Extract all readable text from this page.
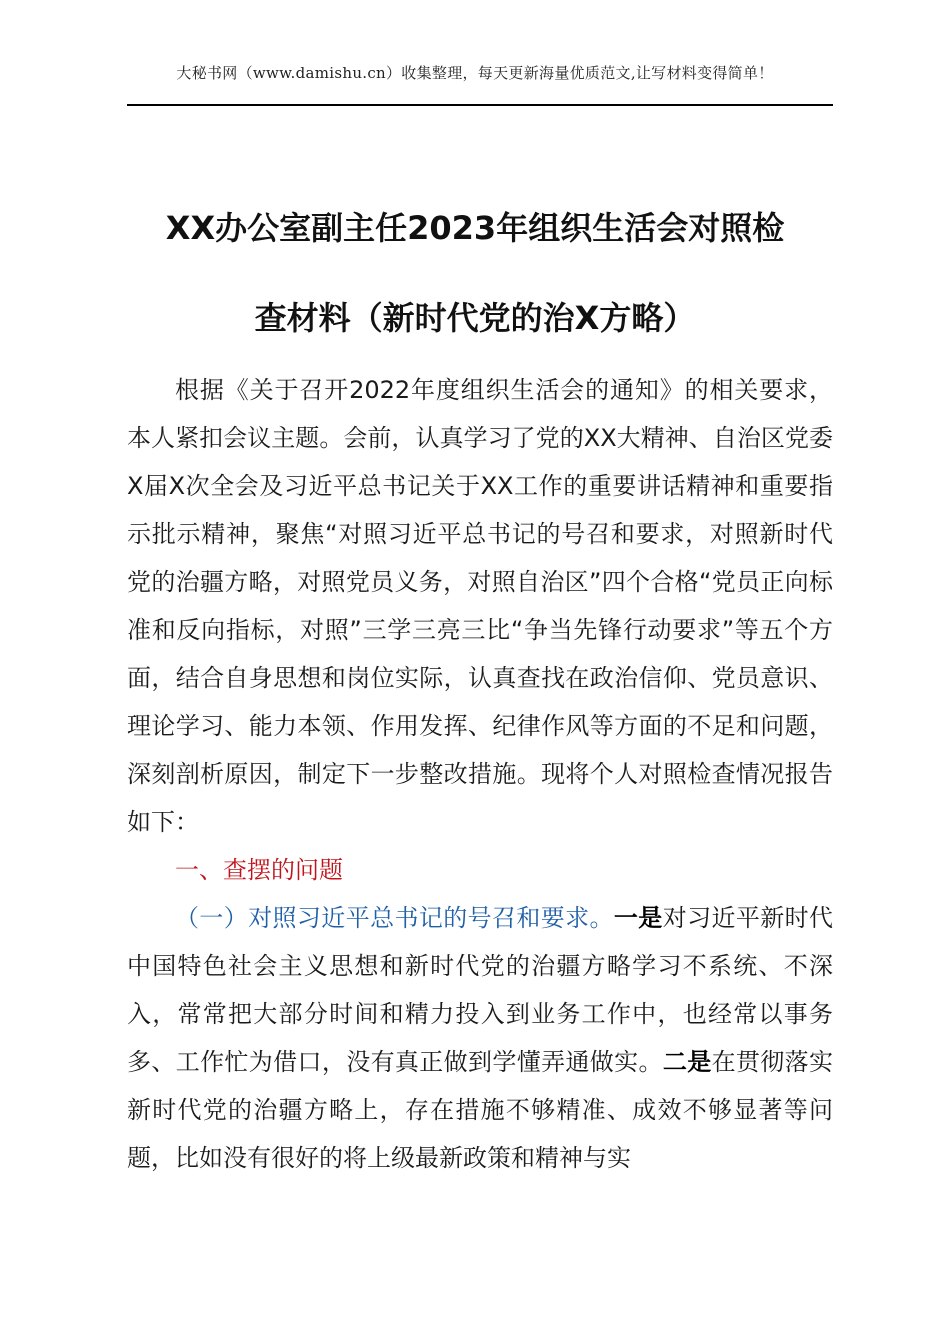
大秘书网（www.damishu.cn）收集整理，每天更新海量优质范文,让写材料变得简单！
XX办公室副主任2023年组织生活会对照检
查材料（新时代党的治X方略）

根据《关于召开2022年度组织生活会的通知》的相关要求，本人紧扣会议主题。会前，认真学习了党的XX大精神、自治区党委X届X次全会及习近平总书记关于XX工作的重要讲话精神和重要指示批示精神，聚焦“对照习近平总书记的号召和要求，对照新时代党的治疆方略，对照党员义务，对照自治区”四个合格“党员正向标准和反向指标，对照”三学三亮三比“争当先锋行动要求”等五个方面，结合自身思想和岗位实际，认真查找在政治信仰、党员意识、理论学习、能力本领、作用发挥、纪律作风等方面的不足和问题，深刻剖析原因，制定下一步整改措施。现将个人对照检查情况报告如下：

一、查摆的问题

（一）对照习近平总书记的号召和要求。一是对习近平新时代中国特色社会主义思想和新时代党的治疆方略学习不系统、不深入，常常把大部分时间和精力投入到业务工作中，也经常以事务多、工作忙为借口，没有真正做到学懂弄通做实。二是在贯彻落实新时代党的治疆方略上，存在措施不够精准、成效不够显著等问题，比如没有很好的将上级最新政策和精神与实
